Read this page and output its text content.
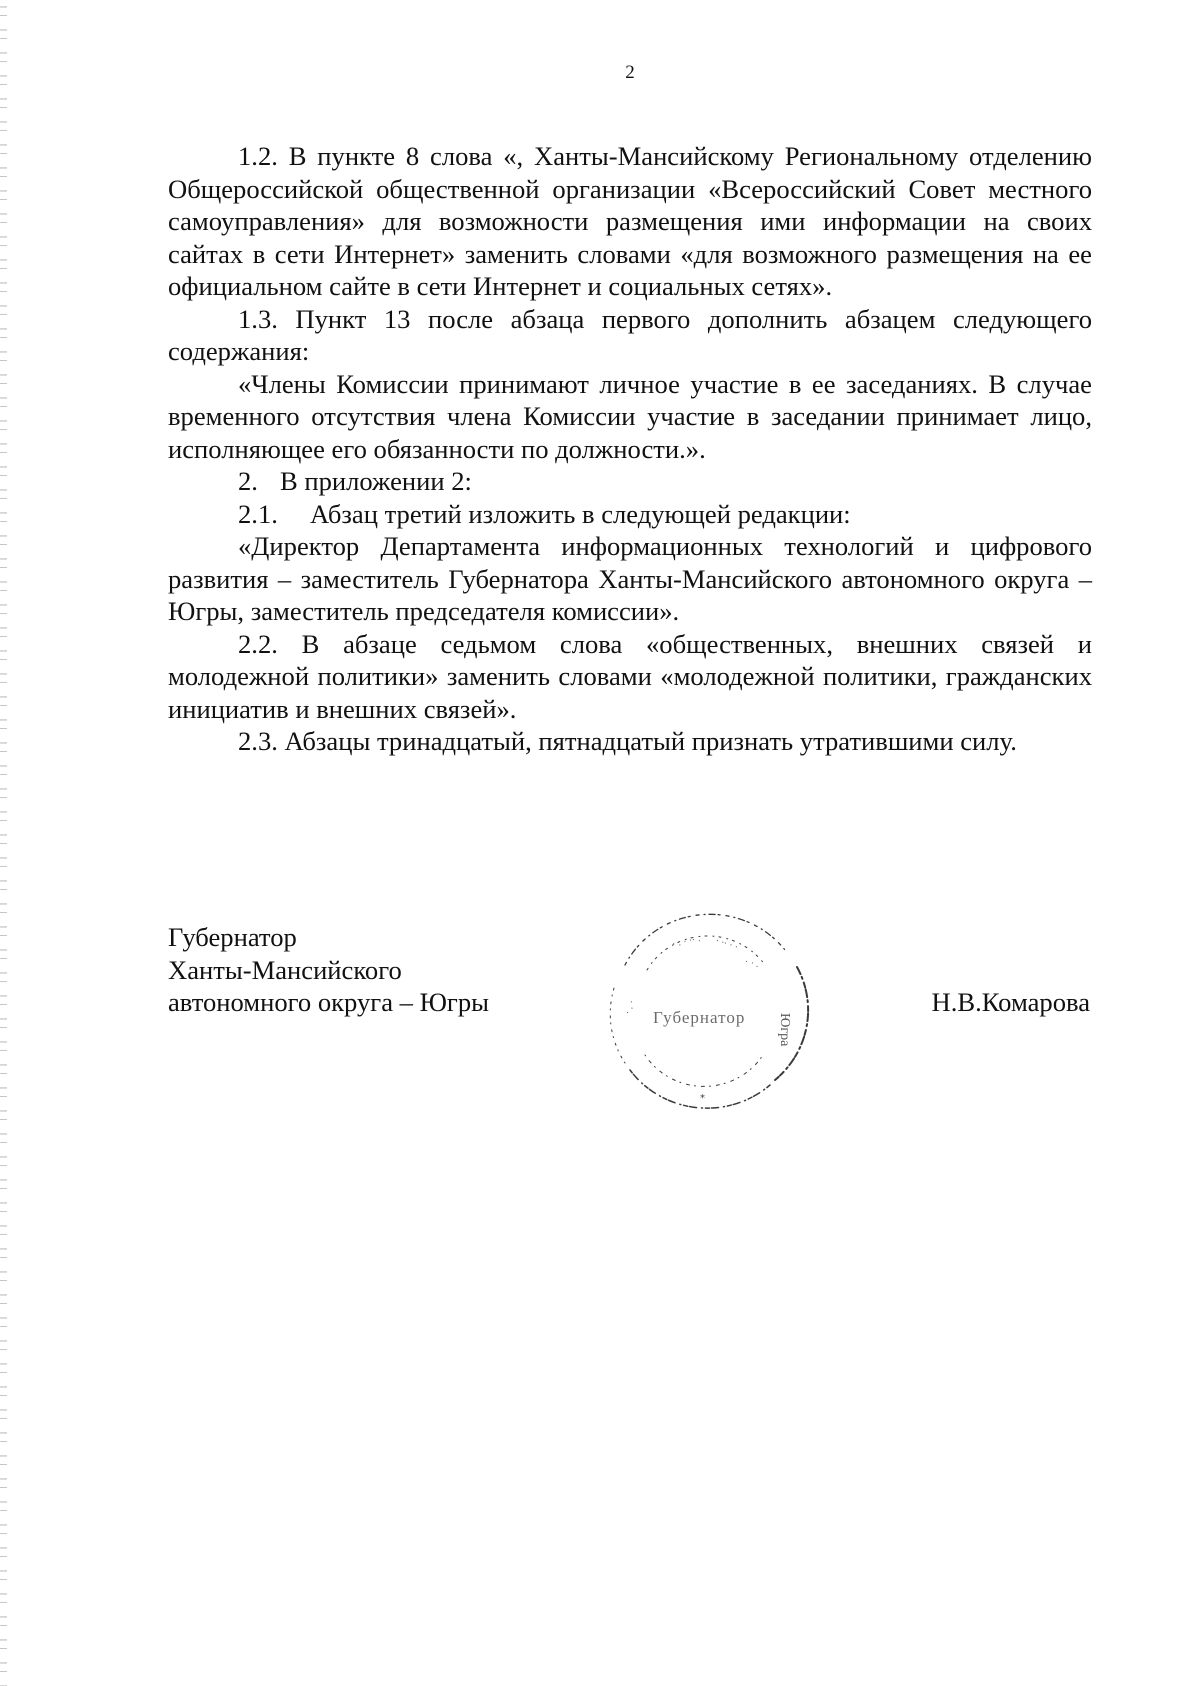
2

1.2. В пункте 8 слова «, Ханты-Мансийскому Региональному отделению Общероссийской общественной организации «Всероссийский Совет местного самоуправления» для возможности размещения ими информации на своих сайтах в сети Интернет» заменить словами «для возможного размещения на ее официальном сайте в сети Интернет и социальных сетях».

1.3. Пункт 13 после абзаца первого дополнить абзацем следующего содержания:

«Члены Комиссии принимают личное участие в ее заседаниях. В случае временного отсутствия члена Комиссии участие в заседании принимает лицо, исполняющее его обязанности по должности.».

2. В приложении 2:

2.1. Абзац третий изложить в следующей редакции:

«Директор Департамента информационных технологий и цифрового развития – заместитель Губернатора Ханты-Мансийского автономного округа – Югры, заместитель председателя комиссии».

2.2. В абзаце седьмом слова «общественных, внешних связей и молодежной политики» заменить словами «молодежной политики, гражданских инициатив и внешних связей».

2.3. Абзацы тринадцатый, пятнадцатый признать утратившими силу.

Губернатор
Ханты-Мансийского
автономного округа – Югры
· . · ·· . · ·· · ·
. · ·
· . ·
Губернатор Югра
*
Н.В.Комарова
